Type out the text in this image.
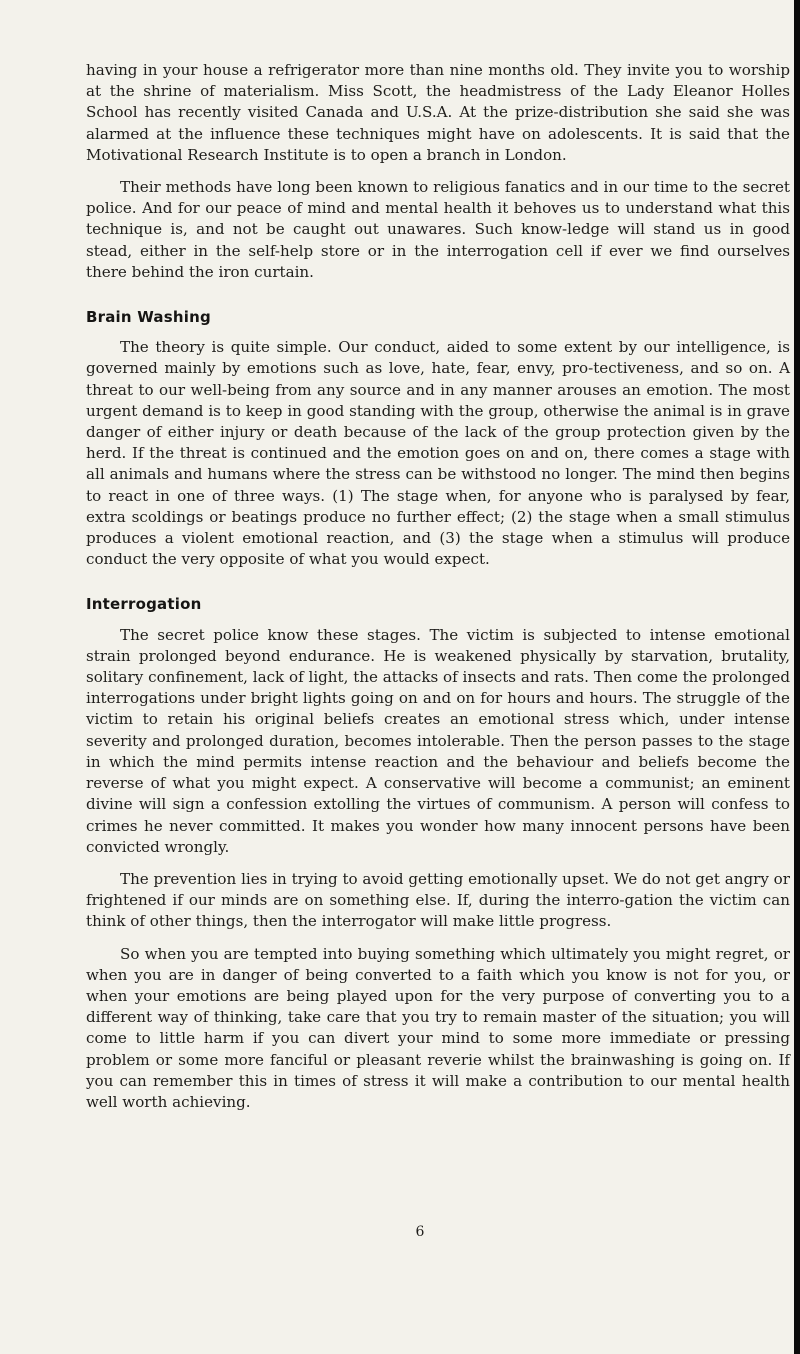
having in your house a refrigerator more than nine months old. They invite you to worship at the shrine of materialism. Miss Scott, the headmistress of the Lady Eleanor Holles School has recently visited Canada and U.S.A. At the prize-distribution she said she was alarmed at the influence these techniques might have on adolescents. It is said that the Motivational Research Institute is to open a branch in London.

Their methods have long been known to religious fanatics and in our time to the secret police. And for our peace of mind and mental health it behoves us to understand what this technique is, and not be caught out unawares. Such know-ledge will stand us in good stead, either in the self-help store or in the interrogation cell if ever we find ourselves there behind the iron curtain.

Brain Washing

The theory is quite simple. Our conduct, aided to some extent by our intelligence, is governed mainly by emotions such as love, hate, fear, envy, pro-tectiveness, and so on. A threat to our well-being from any source and in any manner arouses an emotion. The most urgent demand is to keep in good standing with the group, otherwise the animal is in grave danger of either injury or death because of the lack of the group protection given by the herd. If the threat is continued and the emotion goes on and on, there comes a stage with all animals and humans where the stress can be withstood no longer. The mind then begins to react in one of three ways. (1) The stage when, for anyone who is paralysed by fear, extra scoldings or beatings produce no further effect; (2) the stage when a small stimulus produces a violent emotional reaction, and (3) the stage when a stimulus will produce conduct the very opposite of what you would expect.

Interrogation

The secret police know these stages. The victim is subjected to intense emotional strain prolonged beyond endurance. He is weakened physically by starvation, brutality, solitary confinement, lack of light, the attacks of insects and rats. Then come the prolonged interrogations under bright lights going on and on for hours and hours. The struggle of the victim to retain his original beliefs creates an emotional stress which, under intense severity and prolonged duration, becomes intolerable. Then the person passes to the stage in which the mind permits intense reaction and the behaviour and beliefs become the reverse of what you might expect. A conservative will become a communist; an eminent divine will sign a confession extolling the virtues of communism. A person will confess to crimes he never committed. It makes you wonder how many innocent persons have been convicted wrongly.

The prevention lies in trying to avoid getting emotionally upset. We do not get angry or frightened if our minds are on something else. If, during the interro-gation the victim can think of other things, then the interrogator will make little progress.

So when you are tempted into buying something which ultimately you might regret, or when you are in danger of being converted to a faith which you know is not for you, or when your emotions are being played upon for the very purpose of converting you to a different way of thinking, take care that you try to remain master of the situation; you will come to little harm if you can divert your mind to some more immediate or pressing problem or some more fanciful or pleasant reverie whilst the brainwashing is going on. If you can remember this in times of stress it will make a contribution to our mental health well worth achieving.

6
